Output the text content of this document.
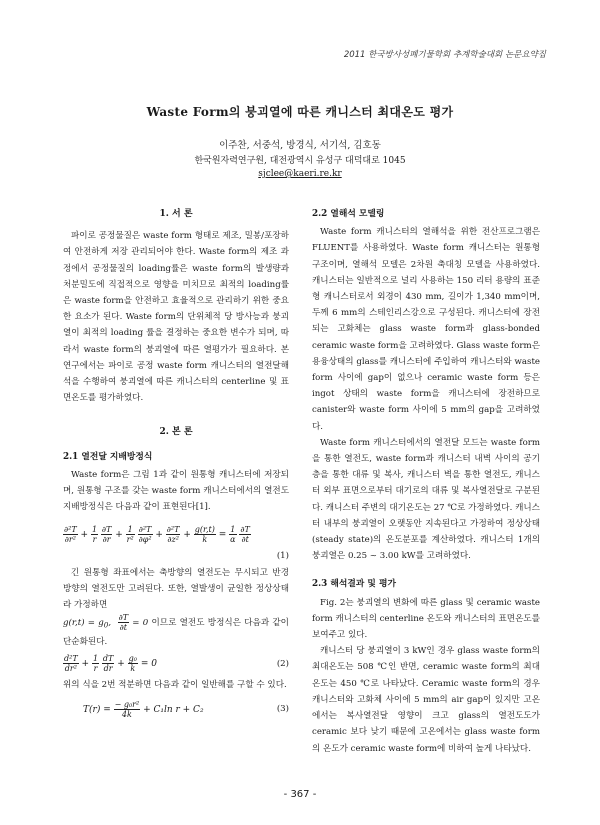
2011 한국방사성폐기물학회 추계학술대회 논문요약집
Waste Form의 붕괴열에 따른 캐니스터 최대온도 평가
이주찬, 서중석, 방경식, 서기석, 김호동
한국원자력연구원, 대전광역시 유성구 대덕대로 1045
sjclee@kaeri.re.kr
1. 서 론

파이로 공정물질은 waste form 형태로 제조, 밀봉/포장하여 안전하게 저장 관리되어야 한다. Waste form의 제조 과정에서 공정물질의 loading률은 waste form의 발생량과 처분밀도에 직접적으로 영향을 미치므로 최적의 loading률은 waste form을 안전하고 효율적으로 관리하기 위한 중요한 요소가 된다. Waste form의 단위체적 당 방사능과 붕괴열이 최적의 loading 률을 결정하는 중요한 변수가 되며, 따라서 waste form의 붕괴열에 따른 열평가가 필요하다. 본 연구에서는 파이로 공정 waste form 캐니스터의 열전달해석을 수행하여 붕괴열에 따른 캐니스터의 centerline 및 표면온도를 평가하였다.

2. 본 론
2.1 열전달 지배방정식

Waste form은 그림 1과 같이 원통형 캐니스터에 저장되며, 원통형 구조를 갖는 waste form 캐니스터에서의 열전도 지배방정식은 다음과 같이 표현된다[1].

$\frac{\text{∂²T}}{\text{∂r²}} + \frac{1}{r}$
$\frac{\partial T}{\partial r} + \frac{1}{\text{r²}}$
$\frac{\text{∂²T}}{\text{∂φ²}} + \frac{\text{∂²T}}{\text{∂z²}} + \frac{g(r,t)}{k} = \frac{1}{\alpha}$
$\frac{\partial T}{\partial t}$
(1)

긴 원통형 좌표에서는 축방향의 열전도는 무시되고 반경 방향의 열전도만 고려된다. 또한, 열발생이 균일한 정상상태라 가정하면

$g(r,t) = g_0$, $\frac{\partial T}{\partial t} = 0$ 이므로 열전도 방정식은 다음과 같이 단순화된다.

$\frac{\text{d²T}}{\text{dr²}} + \frac{1}{r}$
$\frac{dT}{dr} + \frac{\text{g₀}}{k} = 0$	(2)

위의 식을 2번 적분하면 다음과 같이 일반해를 구할 수 있다.

$T(r) = \frac{\text{− g₀r²}}{4k} + C_1\ln$ r + C₂	(3)
2.2 열해석 모델링

Waste form 캐니스터의 열해석을 위한 전산프로그램은 FLUENT를 사용하였다. Waste form 캐니스터는 원통형 구조이며, 열해석 모델은 2차원 축대칭 모델을 사용하였다. 캐니스터는 일반적으로 널리 사용하는 150 리터 용량의 표준형 캐니스터로서 외경이 430 mm, 길이가 1,340 mm이며, 두께 6 mm의 스테인리스강으로 구성된다. 캐니스터에 장전되는 고화체는 glass waste form과 glass-bonded ceramic waste form을 고려하였다. Glass waste form은 용융상태의 glass를 캐니스터에 주입하여 캐니스터와 waste form 사이에 gap이 없으나 ceramic waste form 등은 ingot 상태의 waste form을 캐니스터에 장전하므로 canister와 waste form 사이에 5 mm의 gap을 고려하였다.

Waste form 캐니스터에서의 열전달 모드는 waste form을 통한 열전도, waste form과 캐니스터 내벽 사이의 공기층을 통한 대류 및 복사, 캐니스터 벽을 통한 열전도, 캐니스터 외부 표면으로부터 대기로의 대류 및 복사열전달로 구분된다. 캐니스터 주변의 대기온도는 27 ℃로 가정하였다. 캐니스터 내부의 붕괴열이 오랫동안 지속된다고 가정하여 정상상태(steady state)의 온도분포를 계산하였다. 캐니스터 1개의 붕괴열은 0.25 ~ 3.00 kW를 고려하였다.

2.3 해석결과 및 평가

Fig. 2는 붕괴열의 변화에 따른 glass 및 ceramic waste form 캐니스터의 centerline 온도와 캐니스터의 표면온도를 보여주고 있다.

캐니스터 당 붕괴열이 3 kW인 경우 glass waste form의 최대온도는 508 ℃인 반면, ceramic waste form의 최대온도는 450 ℃로 나타났다. Ceramic waste form의 경우 캐니스터와 고화체 사이에 5 mm의 air gap이 있지만 고온에서는 복사열전달 영향이 크고 glass의 열전도도가 ceramic 보다 낮기 때문에 고온에서는 glass waste form의 온도가 ceramic waste form에 비하여 높게 나타났다.

- 367 -
